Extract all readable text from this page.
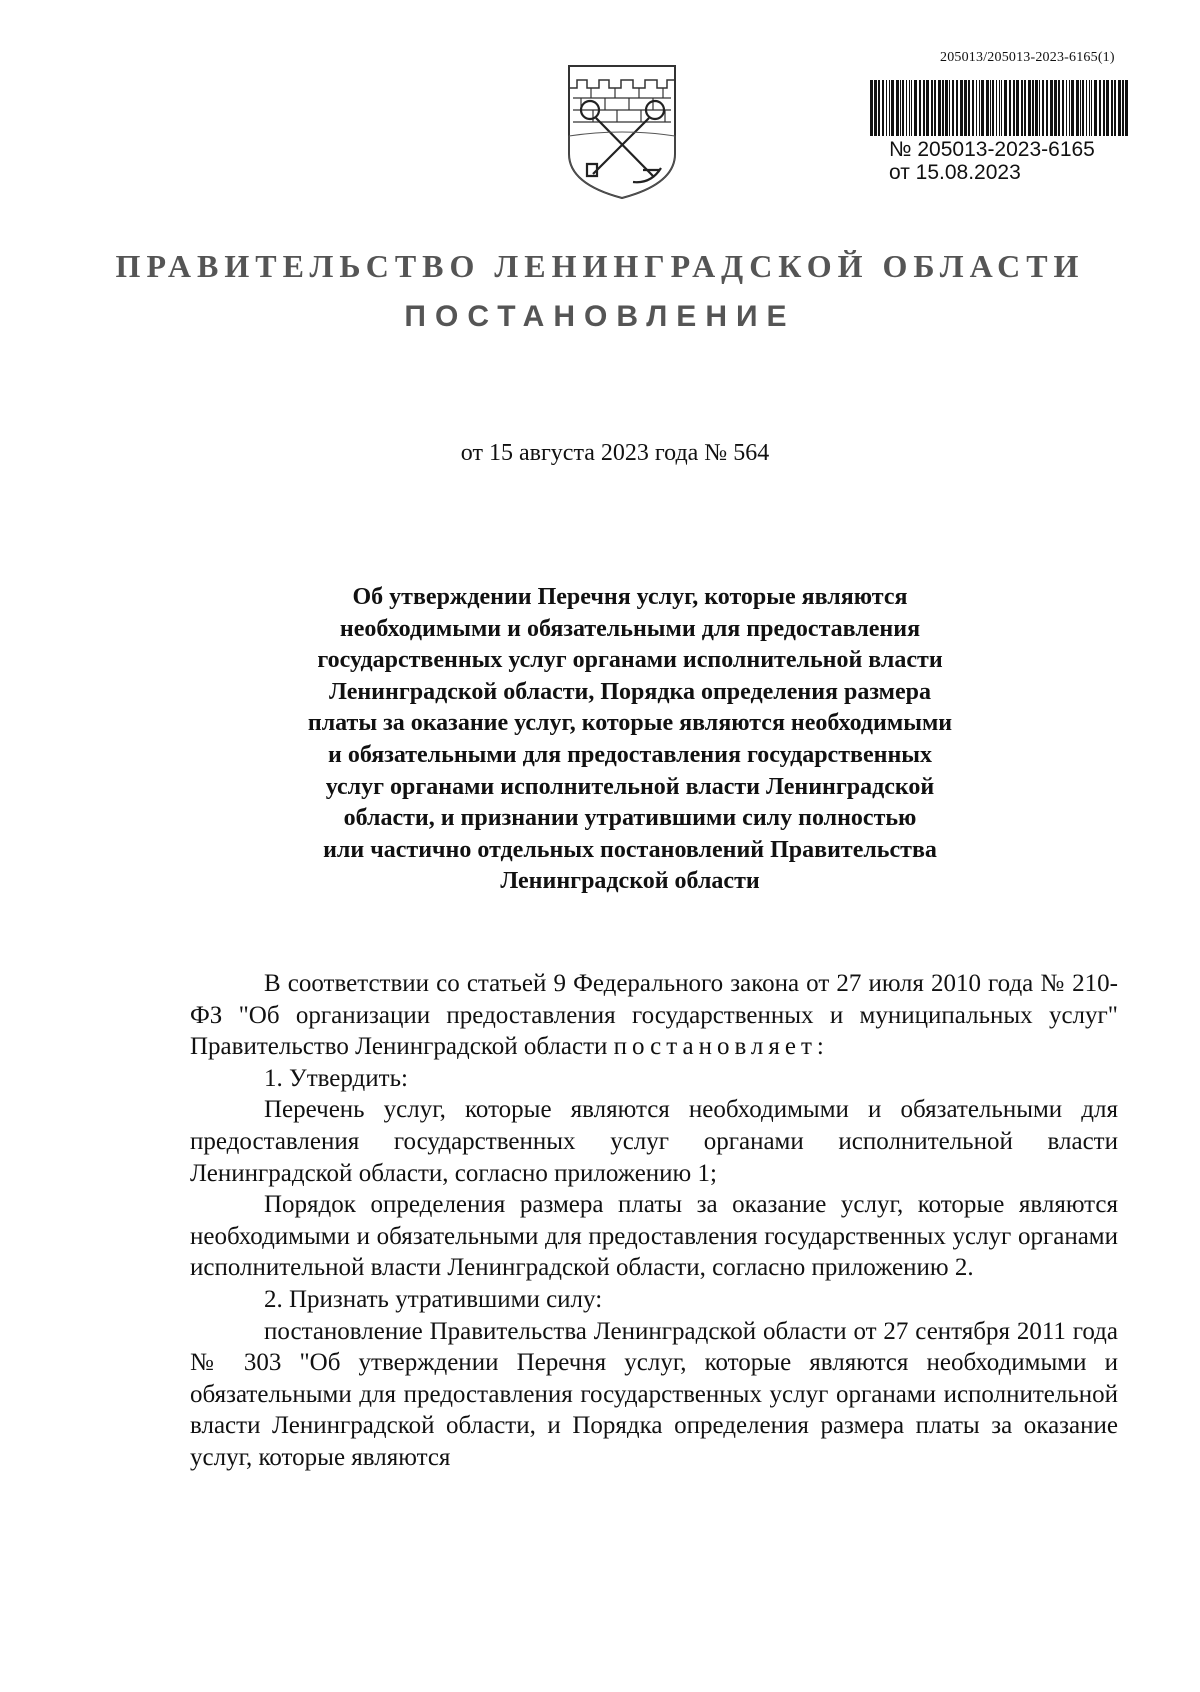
205013/205013-2023-6165(1)
№ 205013-2023-6165
от 15.08.2023
ПРАВИТЕЛЬСТВО ЛЕНИНГРАДСКОЙ ОБЛАСТИ
ПОСТАНОВЛЕНИЕ
от 15 августа 2023 года № 564
Об утверждении Перечня услуг, которые являются
необходимыми и обязательными для предоставления
государственных услуг органами исполнительной власти
Ленинградской области, Порядка определения размера
платы за оказание услуг, которые являются необходимыми
и обязательными для предоставления государственных
услуг органами исполнительной власти Ленинградской
области, и признании утратившими силу полностью
или частично отдельных постановлений Правительства
Ленинградской области

В соответствии со статьей 9 Федерального закона от 27 июля 2010 года № 210-ФЗ "Об организации предоставления государственных и муниципальных услуг" Правительство Ленинградской области постановляет:

1. Утвердить:

Перечень услуг, которые являются необходимыми и обязательными для предоставления государственных услуг органами исполнительной власти Ленинградской области, согласно приложению 1;

Порядок определения размера платы за оказание услуг, которые являются необходимыми и обязательными для предоставления государственных услуг органами исполнительной власти Ленинградской области, согласно приложению 2.

2. Признать утратившими силу:

постановление Правительства Ленинградской области от 27 сентября 2011 года № 303 "Об утверждении Перечня услуг, которые являются необходимыми и обязательными для предоставления государственных услуг органами исполнительной власти Ленинградской области, и Порядка определения размера платы за оказание услуг, которые являются
